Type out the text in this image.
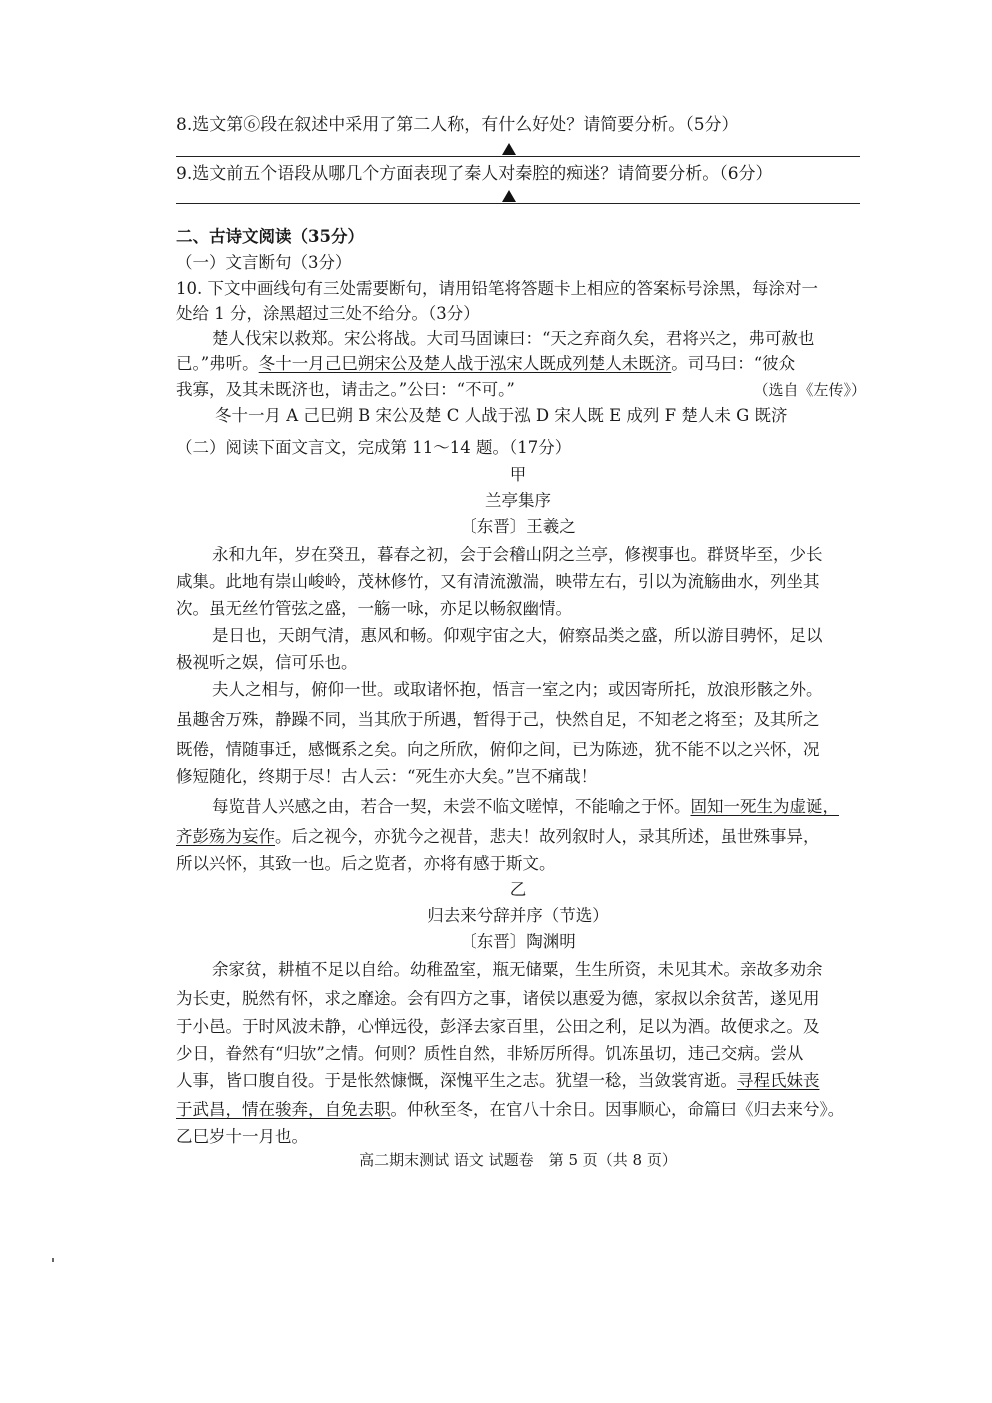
8.选文第⑥段在叙述中采用了第二人称，有什么好处？请简要分析。（5分）
9.选文前五个语段从哪几个方面表现了秦人对秦腔的痴迷？请简要分析。（6分）
二、古诗文阅读（35分）
（一）文言断句（3分）
10. 下文中画线句有三处需要断句，请用铅笔将答题卡上相应的答案标号涂黑，每涂对一
处给 1 分，涂黑超过三处不给分。（3分）
楚人伐宋以救郑。宋公将战。大司马固谏曰：“天之弃商久矣，君将兴之，弗可赦也
已。”弗听。冬十一月己巳朔宋公及楚人战于泓宋人既成列楚人未既济。司马曰：“彼众
我寡，及其未既济也，请击之。”公曰：“不可。”	（选自《左传》）
冬十一月 A 己巳朔 B 宋公及楚 C 人战于泓 D 宋人既 E 成列 F 楚人未 G 既济
（二）阅读下面文言文，完成第 11～14 题。（17分）
甲
兰亭集序
〔东晋〕王羲之
永和九年，岁在癸丑，暮春之初，会于会稽山阴之兰亭，修禊事也。群贤毕至，少长
咸集。此地有崇山峻岭，茂林修竹，又有清流激湍，映带左右，引以为流觞曲水，列坐其
次。虽无丝竹管弦之盛，一觞一咏，亦足以畅叙幽情。
是日也，天朗气清，惠风和畅。仰观宇宙之大，俯察品类之盛，所以游目骋怀，足以
极视听之娱，信可乐也。
夫人之相与，俯仰一世。或取诸怀抱，悟言一室之内；或因寄所托，放浪形骸之外。
虽趣舍万殊，静躁不同，当其欣于所遇，暂得于己，快然自足，不知老之将至；及其所之
既倦，情随事迁，感慨系之矣。向之所欣，俯仰之间，已为陈迹，犹不能不以之兴怀，况
修短随化，终期于尽！古人云：“死生亦大矣。”岂不痛哉！
每览昔人兴感之由，若合一契，未尝不临文嗟悼，不能喻之于怀。固知一死生为虚诞，
齐彭殇为妄作。后之视今，亦犹今之视昔，悲夫！故列叙时人，录其所述，虽世殊事异，
所以兴怀，其致一也。后之览者，亦将有感于斯文。
乙
归去来兮辞并序（节选）
〔东晋〕陶渊明
余家贫，耕植不足以自给。幼稚盈室，瓶无储粟，生生所资，未见其术。亲故多劝余
为长吏，脱然有怀，求之靡途。会有四方之事，诸侯以惠爱为德，家叔以余贫苦，遂见用
于小邑。于时风波未静，心惮远役，彭泽去家百里，公田之利，足以为酒。故便求之。及
少日，眷然有“归欤”之情。何则？质性自然，非矫厉所得。饥冻虽切，违己交病。尝从
人事，皆口腹自役。于是怅然慷慨，深愧平生之志。犹望一稔，当敛裳宵逝。寻程氏妹丧
于武昌，情在骏奔，自免去职。仲秋至冬，在官八十余日。因事顺心，命篇曰《归去来兮》。
乙巳岁十一月也。
高二期末测试 语文 试题卷　第 5 页（共 8 页）
